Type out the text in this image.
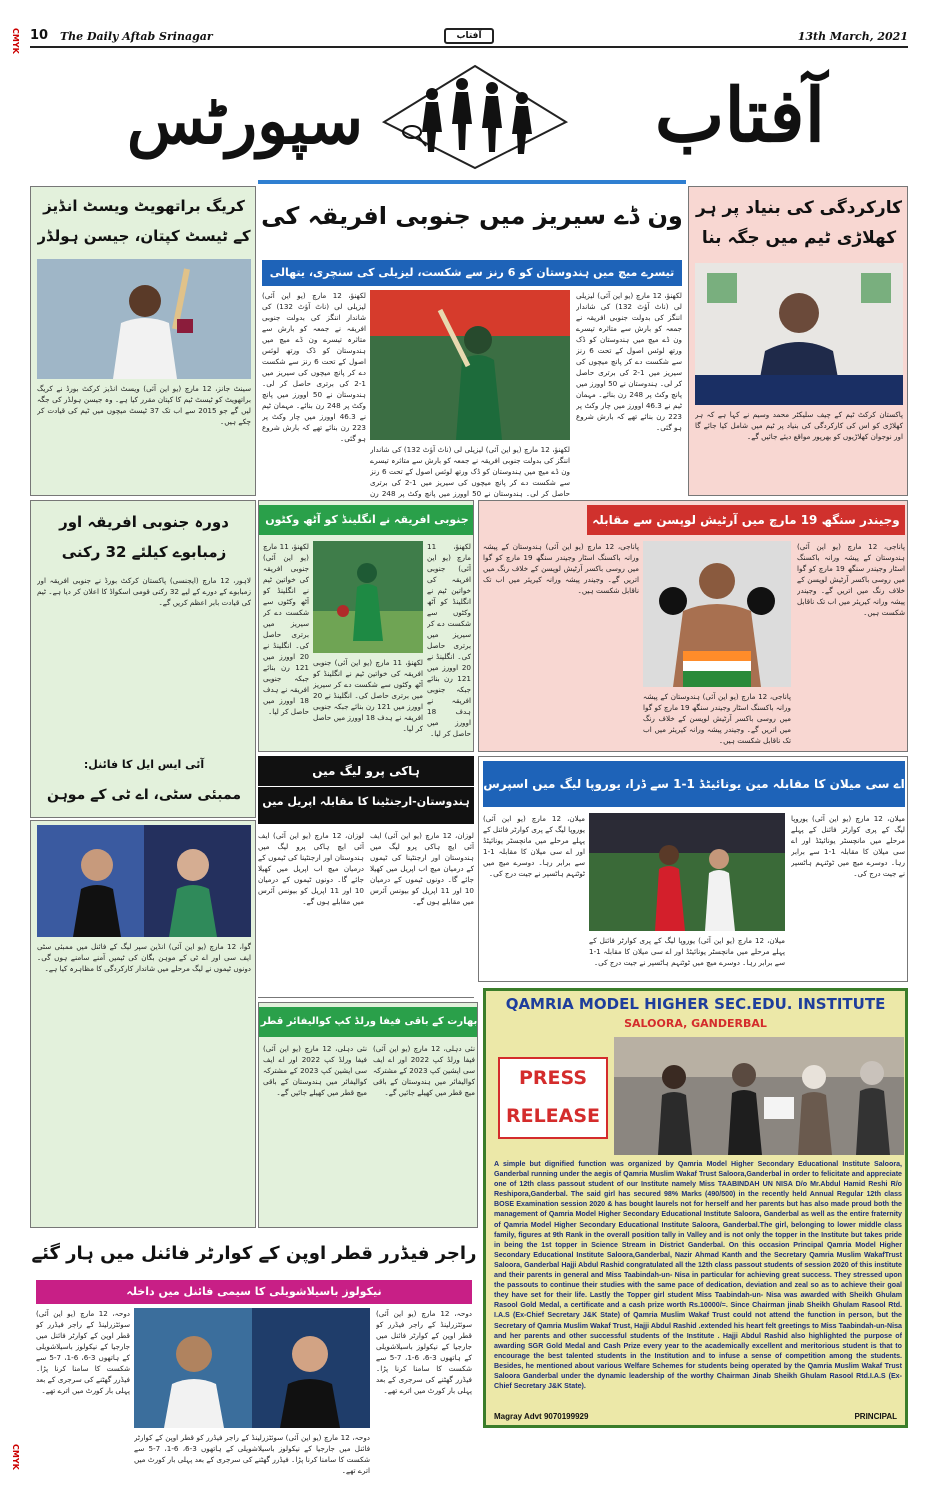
CMYK
CMYK
10 The Daily Aftab Srinagar	آفتاب	13th March, 2021
آفتاب
سپورٹس
کارکردگی کی بنیاد پر ہر کھلاڑی ٹیم میں جگہ بنا
پاکستان کرکٹ ٹیم کے چیف سلیکٹر محمد وسیم نے کہا ہے کہ ہر کھلاڑی کو اس کی کارکردگی کی بنیاد پر ٹیم میں شامل کیا جائے گا اور نوجوان کھلاڑیوں کو بھرپور مواقع دیئے جائیں گے۔
ون ڈے سیریز میں جنوبی افریقہ کی
تیسرے میچ میں ہندوستان کو 6 رنز سے شکست، لیزیلی کی سنچری، یتھالی
لکھنؤ، 12 مارچ (یو این آئی) لیزیلی لی (ناٹ آؤٹ 132) کی شاندار اننگز کی بدولت جنوبی افریقہ نے جمعہ کو بارش سے متاثرہ تیسرے ون ڈے میچ میں ہندوستان کو ڈک ورتھ لوئس اصول کے تحت 6 رنز سے شکست دے کر پانچ میچوں کی سیریز میں 1-2 کی برتری حاصل کر لی۔ ہندوستان نے 50 اوورز میں پانچ وکٹ پر 248 رن بنائے۔ مہمان ٹیم نے 46.3 اوورز میں چار وکٹ پر 223 رن بنائے تھے کہ بارش شروع ہو گئی۔
لکھنؤ، 12 مارچ (یو این آئی) لیزیلی لی (ناٹ آؤٹ 132) کی شاندار اننگز کی بدولت جنوبی افریقہ نے جمعہ کو بارش سے متاثرہ تیسرے ون ڈے میچ میں ہندوستان کو ڈک ورتھ لوئس اصول کے تحت 6 رنز سے شکست دے کر پانچ میچوں کی سیریز میں 1-2 کی برتری حاصل کر لی۔ ہندوستان نے 50 اوورز میں پانچ وکٹ پر 248 رن بنائے۔ مہمان ٹیم نے 46.3 اوورز میں چار وکٹ پر 223 رن بنائے تھے کہ بارش شروع ہو گئی۔
لکھنؤ، 12 مارچ (یو این آئی) لیزیلی لی (ناٹ آؤٹ 132) کی شاندار اننگز کی بدولت جنوبی افریقہ نے جمعہ کو بارش سے متاثرہ تیسرے ون ڈے میچ میں ہندوستان کو ڈک ورتھ لوئس اصول کے تحت 6 رنز سے شکست دے کر پانچ میچوں کی سیریز میں 1-2 کی برتری حاصل کر لی۔ ہندوستان نے 50 اوورز میں پانچ وکٹ پر 248 رن
کریگ براتھویٹ ویسٹ انڈیز کے ٹیسٹ کپتان، جیسن ہولڈر
سینٹ جانز، 12 مارچ (یو این آئی) ویسٹ انڈیز کرکٹ بورڈ نے کریگ براتھویٹ کو ٹیسٹ ٹیم کا کپتان مقرر کیا ہے۔ وہ جیسن ہولڈر کی جگہ لیں گے جو 2015 سے اب تک 37 ٹیسٹ میچوں میں ٹیم کی قیادت کر چکے ہیں۔
دورہ جنوبی افریقہ اور زمبابوے کیلئے 32 رکنی
لاہور، 12 مارچ (ایجنسی) پاکستان کرکٹ بورڈ نے جنوبی افریقہ اور زمبابوے کے دورے کے لیے 32 رکنی قومی اسکواڈ کا اعلان کر دیا ہے۔ ٹیم کی قیادت بابر اعظم کریں گے۔
آئی ایس ایل کا فائنل:
ممبئی سٹی، اے ٹی کے موہن
گوا، 12 مارچ (یو این آئی) انڈین سپر لیگ کے فائنل میں ممبئی سٹی ایف سی اور اے ٹی کے موہن بگان کی ٹیمیں آمنے سامنے ہوں گی۔ دونوں ٹیموں نے لیگ مرحلے میں شاندار کارکردگی کا مظاہرہ کیا ہے۔
جنوبی افریقہ نے انگلینڈ کو آٹھ وکٹوں
لکھنؤ، 11 مارچ (یو این آئی) جنوبی افریقہ کی خواتین ٹیم نے انگلینڈ کو آٹھ وکٹوں سے شکست دے کر سیریز میں برتری حاصل کی۔ انگلینڈ نے 20 اوورز میں 121 رن بنائے جبکہ جنوبی افریقہ نے ہدف 18 اوورز میں حاصل کر لیا۔
لکھنؤ، 11 مارچ (یو این آئی) جنوبی افریقہ کی خواتین ٹیم نے انگلینڈ کو آٹھ وکٹوں سے شکست دے کر سیریز میں برتری حاصل کی۔ انگلینڈ نے 20 اوورز میں 121 رن بنائے جبکہ جنوبی افریقہ نے ہدف 18 اوورز میں حاصل کر لیا۔
لکھنؤ، 11 مارچ (یو این آئی) جنوبی افریقہ کی خواتین ٹیم نے انگلینڈ کو آٹھ وکٹوں سے شکست دے کر سیریز میں برتری حاصل کی۔ انگلینڈ نے 20 اوورز میں 121 رن بنائے جبکہ جنوبی افریقہ نے ہدف 18 اوورز میں حاصل کر لیا۔
وجیندر سنگھ 19 مارچ میں آرٹیش لوپسن سے مقابلہ
پاناجی، 12 مارچ (یو این آئی) ہندوستان کے پیشہ ورانہ باکسنگ اسٹار وجیندر سنگھ 19 مارچ کو گوا میں روسی باکسر آرٹیش لوپسن کے خلاف رنگ میں اتریں گے۔ وجیندر پیشہ ورانہ کیریئر میں اب تک ناقابل شکست ہیں۔
پاناجی، 12 مارچ (یو این آئی) ہندوستان کے پیشہ ورانہ باکسنگ اسٹار وجیندر سنگھ 19 مارچ کو گوا میں روسی باکسر آرٹیش لوپسن کے خلاف رنگ میں اتریں گے۔ وجیندر پیشہ ورانہ کیریئر میں اب تک ناقابل شکست ہیں۔
پاناجی، 12 مارچ (یو این آئی) ہندوستان کے پیشہ ورانہ باکسنگ اسٹار وجیندر سنگھ 19 مارچ کو گوا میں روسی باکسر آرٹیش لوپسن کے خلاف رنگ میں اتریں گے۔ وجیندر پیشہ ورانہ کیریئر میں اب تک ناقابل شکست ہیں۔
ہاکی پرو لیگ میں
ہندوستان-ارجنٹینا کا مقابلہ اپریل میں
لوزان، 12 مارچ (یو این آئی) ایف آئی ایچ ہاکی پرو لیگ میں ہندوستان اور ارجنٹینا کی ٹیموں کے درمیان میچ اب اپریل میں کھیلا جائے گا۔ دونوں ٹیموں کے درمیان 10 اور 11 اپریل کو بیونس آئرس میں مقابلے ہوں گے۔
لوزان، 12 مارچ (یو این آئی) ایف آئی ایچ ہاکی پرو لیگ میں ہندوستان اور ارجنٹینا کی ٹیموں کے درمیان میچ اب اپریل میں کھیلا جائے گا۔ دونوں ٹیموں کے درمیان 10 اور 11 اپریل کو بیونس آئرس میں مقابلے ہوں گے۔
اے سی میلان کا مقابلہ مین یونائیٹڈ 1-1 سے ڈرا، یوروپا لیگ میں اسپرس
میلان، 12 مارچ (یو این آئی) یوروپا لیگ کے پری کوارٹر فائنل کے پہلے مرحلے میں مانچسٹر یونائیٹڈ اور اے سی میلان کا مقابلہ 1-1 سے برابر رہا۔ دوسرے میچ میں ٹوٹنہم ہاٹسپر نے جیت درج کی۔
میلان، 12 مارچ (یو این آئی) یوروپا لیگ کے پری کوارٹر فائنل کے پہلے مرحلے میں مانچسٹر یونائیٹڈ اور اے سی میلان کا مقابلہ 1-1 سے برابر رہا۔ دوسرے میچ میں ٹوٹنہم ہاٹسپر نے جیت درج کی۔
میلان، 12 مارچ (یو این آئی) یوروپا لیگ کے پری کوارٹر فائنل کے پہلے مرحلے میں مانچسٹر یونائیٹڈ اور اے سی میلان کا مقابلہ 1-1 سے برابر رہا۔ دوسرے میچ میں ٹوٹنہم ہاٹسپر نے جیت درج کی۔
بھارت کے باقی فیفا ورلڈ کپ کوالیفائر قطر
نئی دہلی، 12 مارچ (یو این آئی) فیفا ورلڈ کپ 2022 اور اے ایف سی ایشین کپ 2023 کے مشترکہ کوالیفائر میں ہندوستان کے باقی میچ قطر میں کھیلے جائیں گے۔
نئی دہلی، 12 مارچ (یو این آئی) فیفا ورلڈ کپ 2022 اور اے ایف سی ایشین کپ 2023 کے مشترکہ کوالیفائر میں ہندوستان کے باقی میچ قطر میں کھیلے جائیں گے۔
راجر فیڈرر قطر اوپن کے کوارٹر فائنل میں ہار گئے
نیکولوز باسیلاشویلی کا سیمی فائنل میں داخلہ
دوحہ، 12 مارچ (یو این آئی) سوئٹزرلینڈ کے راجر فیڈرر کو قطر اوپن کے کوارٹر فائنل میں جارجیا کے نیکولوز باسیلاشویلی کے ہاتھوں 3-6، 6-1، 7-5 سے شکست کا سامنا کرنا پڑا۔ فیڈرر گھٹنے کی سرجری کے بعد پہلی بار کورٹ میں اترے تھے۔
دوحہ، 12 مارچ (یو این آئی) سوئٹزرلینڈ کے راجر فیڈرر کو قطر اوپن کے کوارٹر فائنل میں جارجیا کے نیکولوز باسیلاشویلی کے ہاتھوں 3-6، 6-1، 7-5 سے شکست کا سامنا کرنا پڑا۔ فیڈرر گھٹنے کی سرجری کے بعد پہلی بار کورٹ میں اترے تھے۔
دوحہ، 12 مارچ (یو این آئی) سوئٹزرلینڈ کے راجر فیڈرر کو قطر اوپن کے کوارٹر فائنل میں جارجیا کے نیکولوز باسیلاشویلی کے ہاتھوں 3-6، 6-1، 7-5 سے شکست کا سامنا کرنا پڑا۔ فیڈرر گھٹنے کی سرجری کے بعد پہلی بار کورٹ میں اترے تھے۔
QAMRIA MODEL HIGHER SEC.EDU. INSTITUTE
SALOORA, GANDERBAL
PRESS
RELEASE
A simple but dignified function was organized by Qamria Model Higher Secondary Educational Institute Saloora, Ganderbal running under the aegis of Qamria Muslim Wakaf Trust Saloora,Ganderbal in order to felicitate and appreciate one of 12th class passout student of our Institute namely Miss TAABINDAH UN NISA D/o Mr.Abdul Hamid Reshi R/o Reshipora,Ganderbal. The said girl has secured 98% Marks (490/500) in the recently held Annual Regular 12th class BOSE Examination session 2020 & has bought laurels not for herself and her parents but has also made proud both the management of Qamria Model Higher Secondary Educational Institute Saloora, Ganderbal as well as the entire fraternity of Qamria Model Higher Secondary Educational Institute Saloora, Ganderbal.The girl, belonging to lower middle class family, figures at 9th Rank in the overall position tally in Valley and is not only the topper in the Institute but takes pride in being the 1st topper in Science Stream in District Ganderbal. On this occasion Principal Qamria Model Higher Secondary Educational Institute Saloora,Ganderbal, Nazir Ahmad Kanth and the Secretary Qamria Muslim WakafTrust Saloora, Ganderbal Hajji Abdul Rashid congratulated all the 12th class passout students of session 2020 of this institute and their parents in general and Miss Taabindah-un- Nisa in particular for achieving great success. They stressed upon the passouts to continue their studies with the same pace of dedication, deviation and zeal so as to achieve their goal they have set for their life. Lastly the Topper girl student Miss Taabindah-un- Nisa was awarded with Sheikh Ghulam Rasool Gold Medal, a certificate and a cash prize worth Rs.10000/=. Since Chairman jinab Sheikh Ghulam Rasool Rtd. I.A.S (Ex-Chief Secretary J&K State) of Qamria Muslim Wakaf Trust could not attend the function in person, but the Secretary of Qamria Muslim Wakaf Trust, Hajji Abdul Rashid .extended his heart felt greetings to Miss Taabindah-un-Nisa and her parents and other successful students of the Institute . Hajji Abdul Rashid also highlighted the purpose of awarding SGR Gold Medal and Cash Prize every year to the academically excellent and meritorious student is that to encourage the best talented students in the Institution and to infuse a sense of competition among the students. Besides, he mentioned about various Welfare Schemes for students being operated by the Qamria Muslim Wakaf Trust Saloora Ganderbal under the dynamic leadership of the worthy Chairman Jinab Sheikh Ghulam Rasool Rtd.I.A.S (Ex-Chief Secretary J&K State).
Magray Advt 9070199929	PRINCIPAL
